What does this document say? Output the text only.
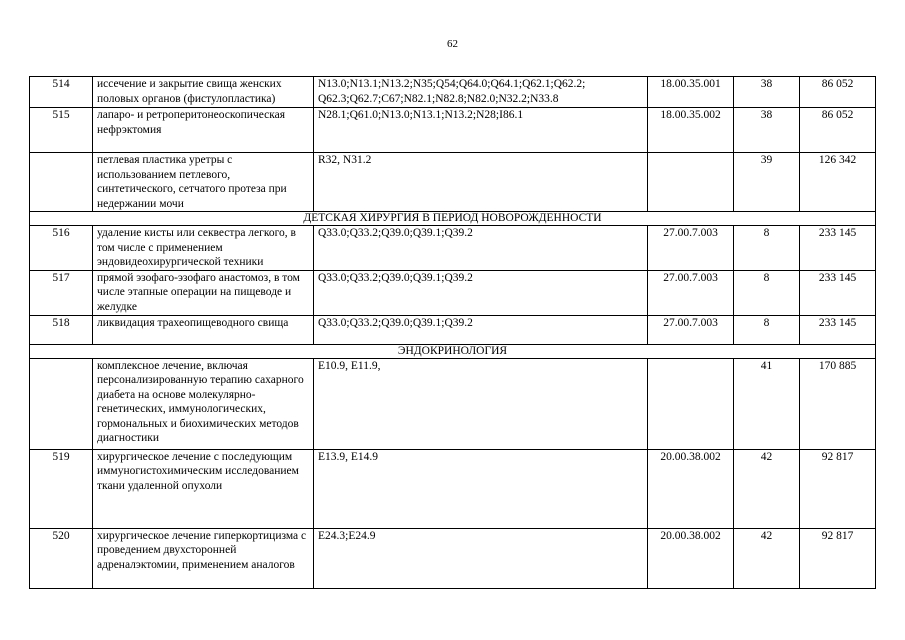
62
514	иссечение и закрытие свища женских половых органов (фистулопластика)	N13.0;N13.1;N13.2;N35;Q54;Q64.0;Q64.1;Q62.1;Q62.2; Q62.3;Q62.7;C67;N82.1;N82.8;N82.0;N32.2;N33.8	18.00.35.001	38	86 052
515	лапаро- и ретроперитонеоскопическая нефрэктомия	N28.1;Q61.0;N13.0;N13.1;N13.2;N28;I86.1	18.00.35.002	38	86 052
	петлевая пластика уретры с использованием петлевого, синтетического, сетчатого протеза при недержании мочи	R32, N31.2		39	126 342
ДЕТСКАЯ ХИРУРГИЯ В ПЕРИОД НОВОРОЖДЕННОСТИ					
516	удаление кисты или секвестра легкого, в том числе с применением эндовидеохирургической техники	Q33.0;Q33.2;Q39.0;Q39.1;Q39.2	27.00.7.003	8	233 145
517	прямой эзофаго-эзофаго анастомоз, в том числе этапные операции на пищеводе и желудке	Q33.0;Q33.2;Q39.0;Q39.1;Q39.2	27.00.7.003	8	233 145
518	ликвидация трахеопищеводного свища	Q33.0;Q33.2;Q39.0;Q39.1;Q39.2	27.00.7.003	8	233 145
ЭНДОКРИНОЛОГИЯ					
	комплексное лечение, включая персонализированную терапию сахарного диабета на основе молекулярно-генетических, иммунологических, гормональных и биохимических методов диагностики	E10.9, E11.9,		41	170 885
519	хирургическое лечение с последующим иммуногистохимическим исследованием ткани удаленной опухоли	E13.9, E14.9	20.00.38.002	42	92 817
520	хирургическое лечение гиперкортицизма с проведением двухсторонней адреналэктомии, применением аналогов	E24.3;E24.9	20.00.38.002	42	92 817
